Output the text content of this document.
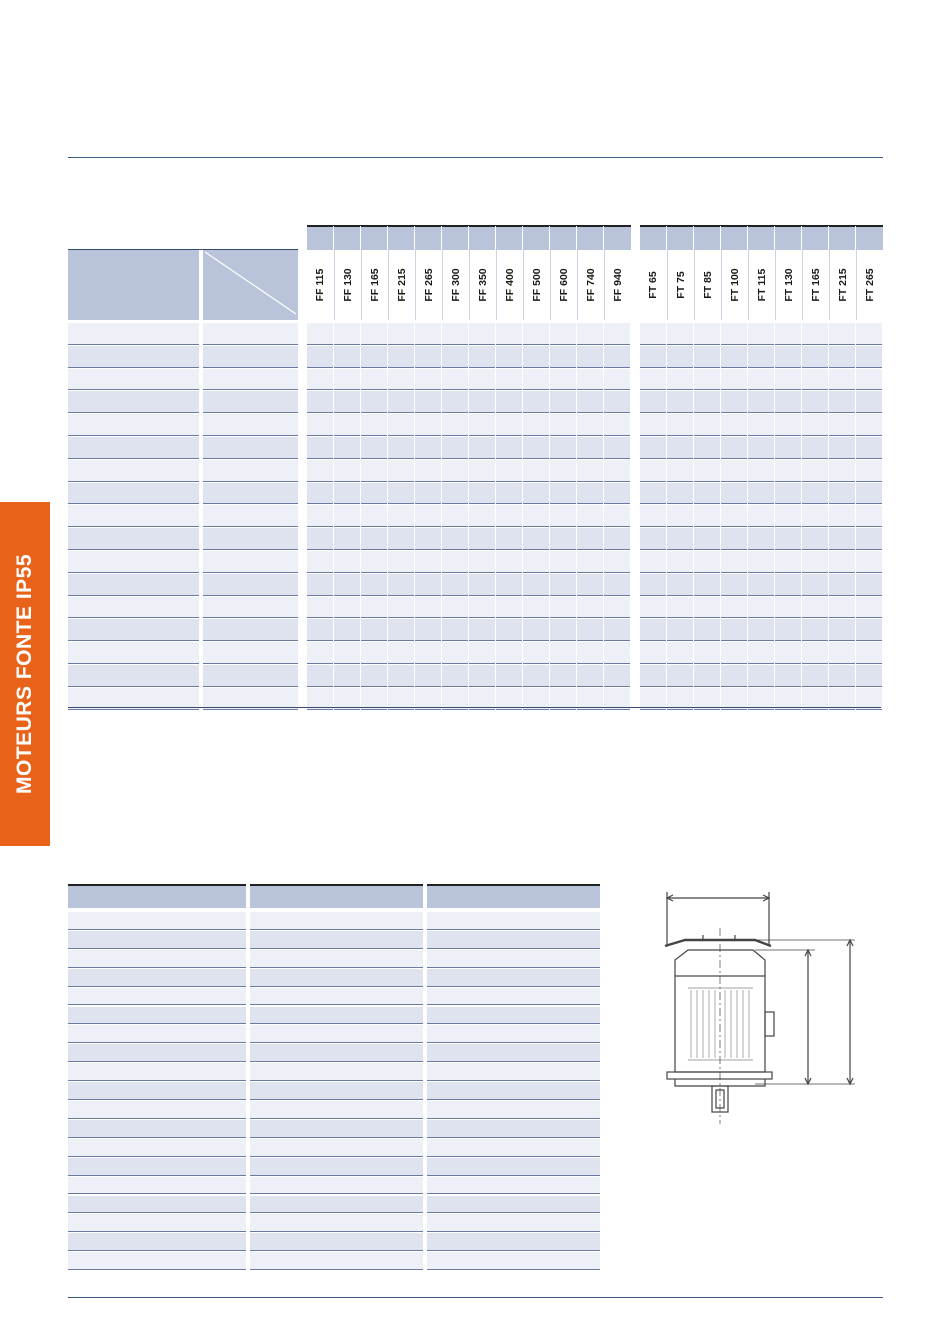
MOTEURS FONTE IP55
FF 115 FF 130 FF 165 FF 215 FF 265 FF 300 FF 350 FF 400 FF 500 FF 600 FF 740 FF 940 FT 65 FT 75 FT 85 FT 100 FT 115 FT 130 FT 165 FT 215 FT 265
